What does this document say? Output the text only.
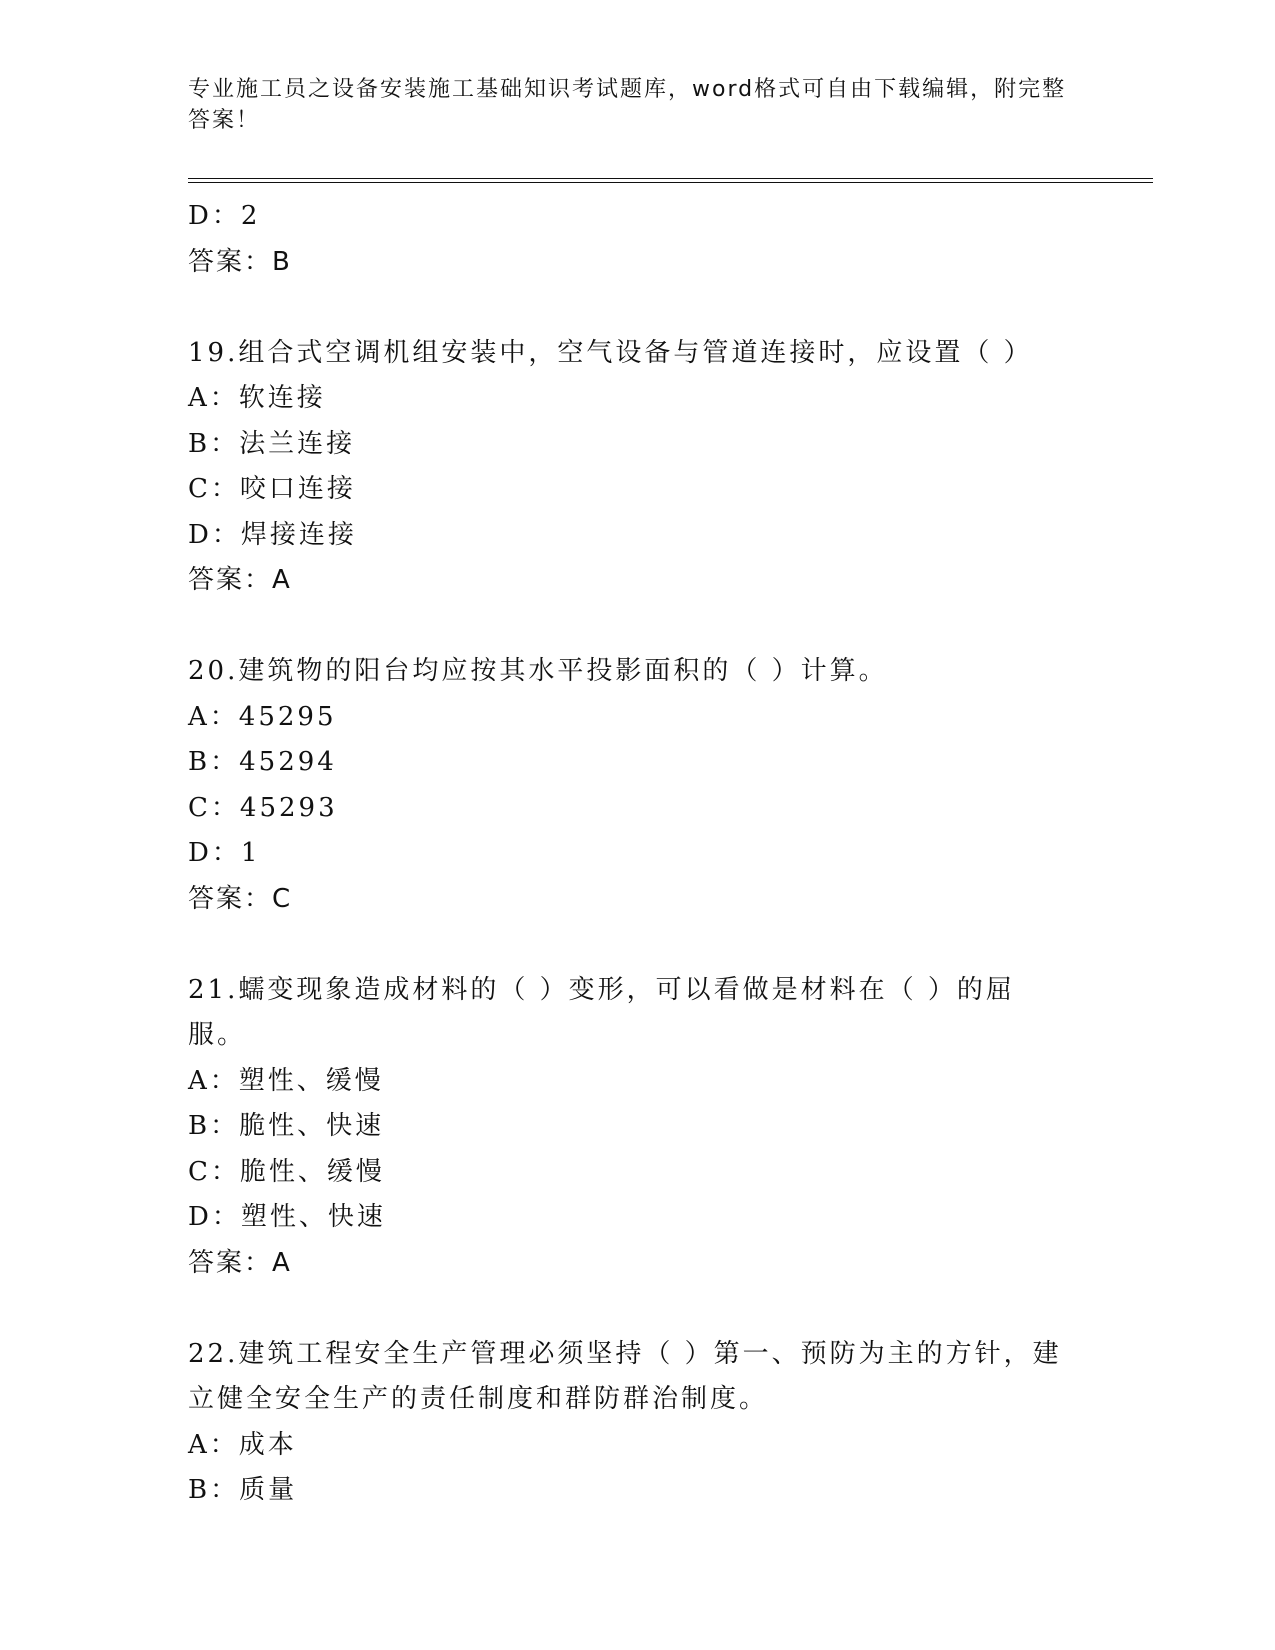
专业施工员之设备安装施工基础知识考试题库，word格式可自由下载编辑，附完整答案！
D：2
答案：B
19.组合式空调机组安装中，空气设备与管道连接时，应设置（ ）
A：软连接
B：法兰连接
C：咬口连接
D：焊接连接
答案：A
20.建筑物的阳台均应按其水平投影面积的（ ）计算。
A：45295
B：45294
C：45293
D：1
答案：C
21.蠕变现象造成材料的（ ）变形，可以看做是材料在（ ）的屈服。
A：塑性、缓慢
B：脆性、快速
C：脆性、缓慢
D：塑性、快速
答案：A
22.建筑工程安全生产管理必须坚持（ ）第一、预防为主的方针，建立健全安全生产的责任制度和群防群治制度。
A：成本
B：质量
